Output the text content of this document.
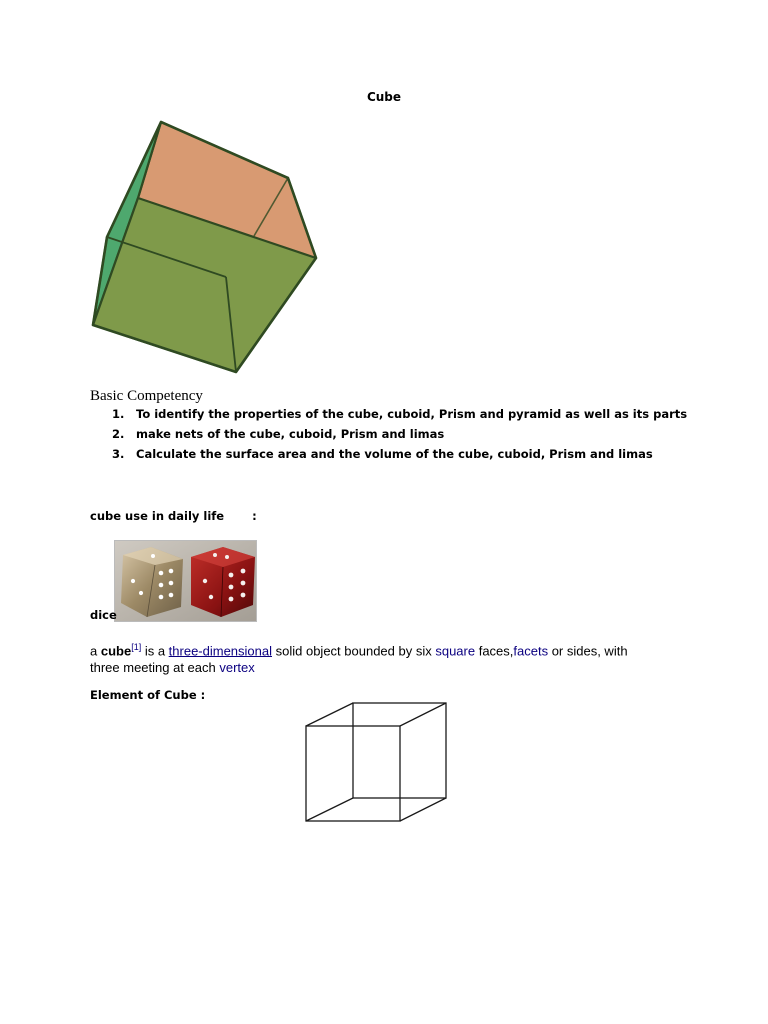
Cube
Basic Competency
1. To identify the properties of the cube, cuboid, Prism and pyramid as well as its parts
2. make nets of the cube, cuboid, Prism and limas
3. Calculate the surface area and the volume of the cube, cuboid, Prism and limas
cube use in daily life :
dice
a cube[1] is a three-dimensional solid object bounded by six square faces,facets or sides, with three meeting at each vertex
Element of Cube :
